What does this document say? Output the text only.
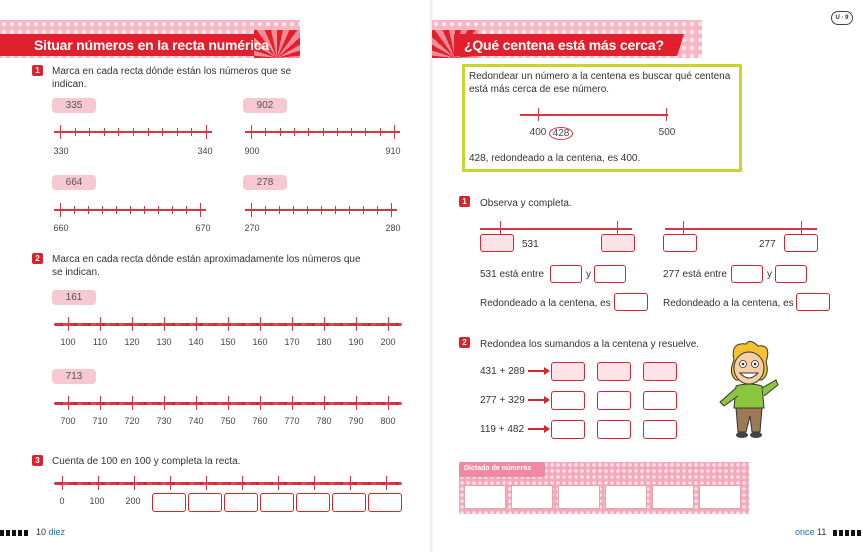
Situar números en la recta numérica
1	Marca en cada recta dónde están los números que se indican.
335
330	340
902
900	910
664
660	670
278
270	280
2	Marca en cada recta dónde están aproximadamente los números que se indican.
161
100	110	120	130	140	150	160	170	180	190	200
713
700	710	720	730	740	750	760	770	780	790	800
3	Cuenta de 100 en 100 y completa la recta.
0	100	200
10 diez
¿Qué centena está más cerca?
U · 9
Redondear un número a la centena es buscar qué centena está más cerca de ese número.
400 428	500
428, redondeado a la centena, es 400.
1	Observa y completa.
531	277
531 está entre	y
Redondeado a la centena, es
277 está entre	y
Redondeado a la centena, es
2	Redondea los sumandos a la centena y resuelve.
431 + 289
277 + 329
119 + 482
Dictado de números
once 11
